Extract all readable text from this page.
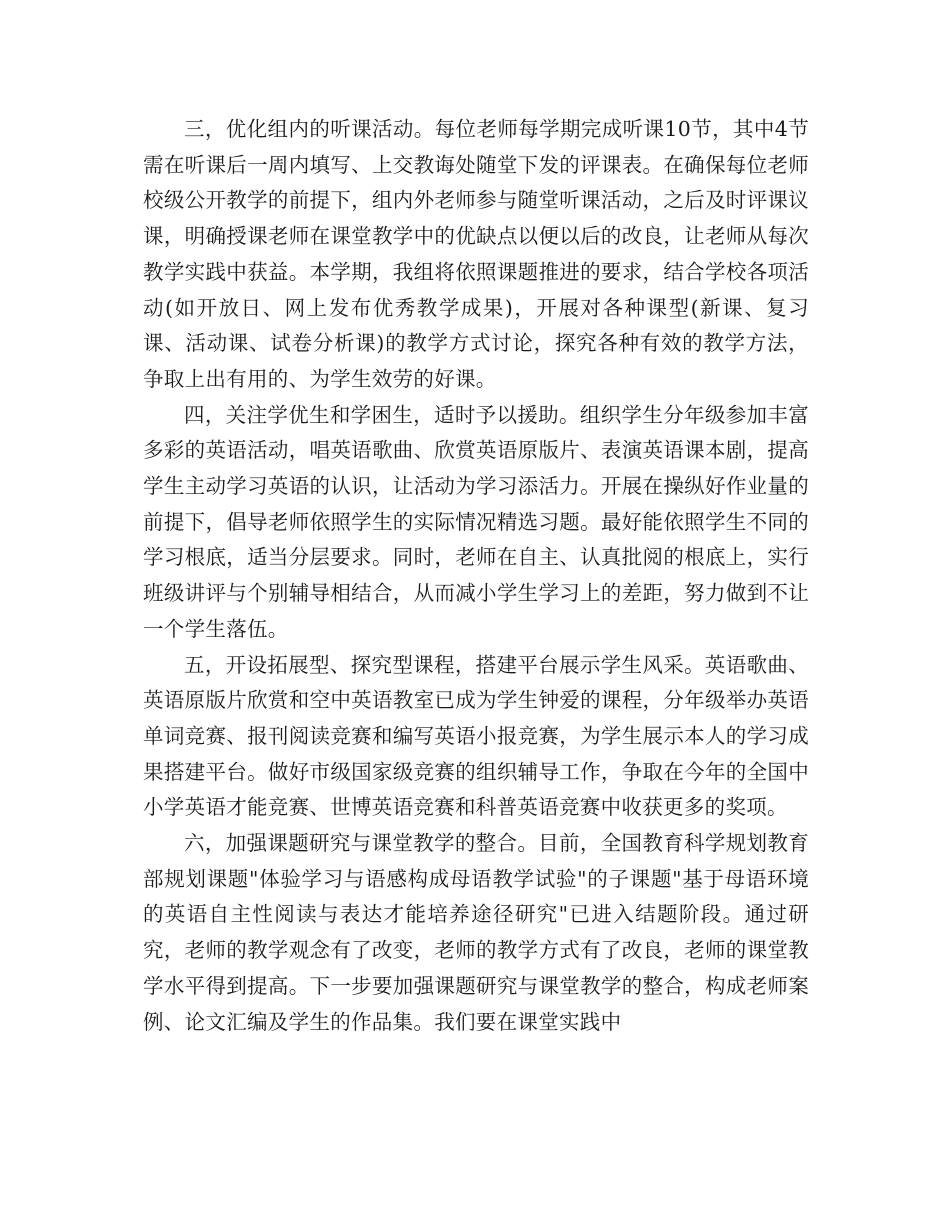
三，优化组内的听课活动。每位老师每学期完成听课10节，其中4节需在听课后一周内填写、上交教诲处随堂下发的评课表。在确保每位老师校级公开教学的前提下，组内外老师参与随堂听课活动，之后及时评课议课，明确授课老师在课堂教学中的优缺点以便以后的改良，让老师从每次教学实践中获益。本学期，我组将依照课题推进的要求，结合学校各项活动(如开放日、网上发布优秀教学成果)，开展对各种课型(新课、复习课、活动课、试卷分析课)的教学方式讨论，探究各种有效的教学方法，争取上出有用的、为学生效劳的好课。

四，关注学优生和学困生，适时予以援助。组织学生分年级参加丰富多彩的英语活动，唱英语歌曲、欣赏英语原版片、表演英语课本剧，提高学生主动学习英语的认识，让活动为学习添活力。开展在操纵好作业量的前提下，倡导老师依照学生的实际情况精选习题。最好能依照学生不同的学习根底，适当分层要求。同时，老师在自主、认真批阅的根底上，实行班级讲评与个别辅导相结合，从而减小学生学习上的差距，努力做到不让一个学生落伍。

五，开设拓展型、探究型课程，搭建平台展示学生风采。英语歌曲、英语原版片欣赏和空中英语教室已成为学生钟爱的课程，分年级举办英语单词竞赛、报刊阅读竞赛和编写英语小报竞赛，为学生展示本人的学习成果搭建平台。做好市级国家级竞赛的组织辅导工作，争取在今年的全国中小学英语才能竞赛、世博英语竞赛和科普英语竞赛中收获更多的奖项。

六，加强课题研究与课堂教学的整合。目前，全国教育科学规划教育部规划课题"体验学习与语感构成母语教学试验"的子课题"基于母语环境的英语自主性阅读与表达才能培养途径研究"已进入结题阶段。通过研究，老师的教学观念有了改变，老师的教学方式有了改良，老师的课堂教学水平得到提高。下一步要加强课题研究与课堂教学的整合，构成老师案例、论文汇编及学生的作品集。我们要在课堂实践中
